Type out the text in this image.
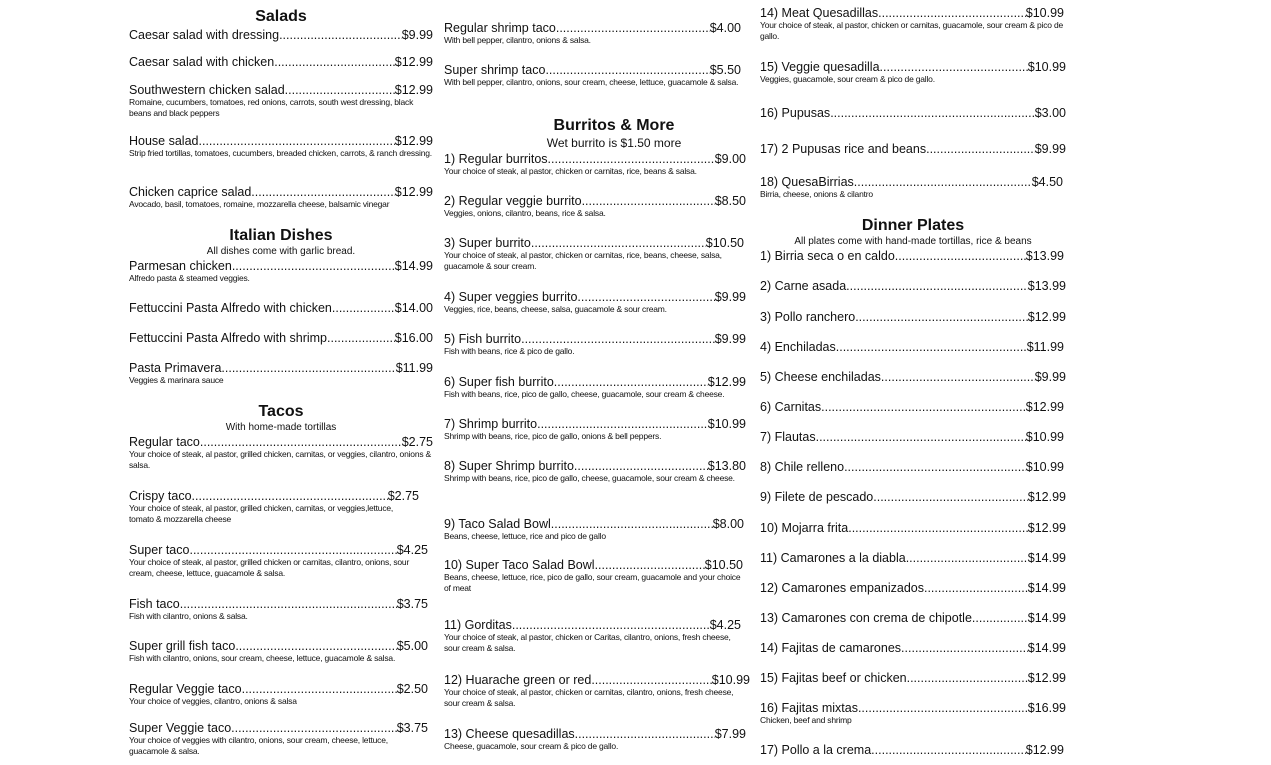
Salads
Caesar salad with dressing .....	$9.99
Caesar salad with chicken .....	$12.99
Southwestern chicken salad .....	$12.99
Romaine, cucumbers, tomatoes, red onions, carrots, south west dressing, black beans and black peppers
House salad .....	$12.99
Strip fried tortillas, tomatoes, cucumbers, breaded chicken, carrots, & ranch dressing.
Chicken caprice salad .....	$12.99
Avocado, basil, tomatoes, romaine, mozzarella cheese, balsamic vinegar
Italian Dishes
All dishes come with garlic bread.
Parmesan chicken .....	$14.99
Alfredo pasta & steamed veggies.
Fettuccini Pasta Alfredo with chicken .....	$14.00
Fettuccini Pasta Alfredo with shrimp .....	$16.00
Pasta Primavera .....	$11.99
Veggies & marinara sauce
Tacos
With home-made tortillas
Regular taco .....	$2.75
Your choice of steak, al pastor, grilled chicken, carnitas, or veggies, cilantro, onions & salsa.
Crispy taco .....	$2.75
Your choice of steak, al pastor, grilled chicken, carnitas, or veggies,lettuce, tomato & mozzarella cheese
Super taco .....	$4.25
Your choice of steak, al pastor, grilled chicken or carnitas, cilantro, onions, sour cream, cheese, lettuce, guacamole & salsa.
Fish taco .....	$3.75
Fish with cilantro, onions & salsa.
Super grill fish taco .....	$5.00
Fish with cilantro, onions, sour cream, cheese, lettuce, guacamole & salsa.
Regular Veggie taco .....	$2.50
Your choice of veggies, cilantro, onions & salsa
Super Veggie taco .....	$3.75
Your choice of veggies with cilantro, onions, sour cream, cheese, lettuce, guacamole & salsa.
Regular shrimp taco .....	$4.00
With bell pepper, cilantro, onions & salsa.
Super shrimp taco .....	$5.50
With bell pepper, cilantro, onions, sour cream, cheese, lettuce, guacamole & salsa.
Burritos & More
Wet burrito is $1.50 more
1) Regular burritos .....	$9.00
Your choice of steak, al pastor, chicken or carnitas, rice, beans & salsa.
2) Regular veggie burrito .....	$8.50
Veggies, onions, cilantro, beans, rice & salsa.
3) Super burrito .....	$10.50
Your choice of steak, al pastor, chicken or carnitas, rice, beans, cheese, salsa, guacamole & sour cream.
4) Super veggies burrito .....	$9.99
Veggies, rice, beans, cheese, salsa, guacamole & sour cream.
5) Fish burrito .....	$9.99
Fish with beans, rice & pico de gallo.
6) Super fish burrito .....	$12.99
Fish with beans, rice, pico de gallo, cheese, guacamole, sour cream & cheese.
7) Shrimp burrito .....	$10.99
Shrimp with beans, rice, pico de gallo, onions & bell peppers.
8) Super Shrimp burrito .....	$13.80
Shrimp with beans, rice, pico de gallo, cheese, guacamole, sour cream & cheese.
9) Taco Salad Bowl .....	$8.00
Beans, cheese, lettuce, rice and pico de gallo
10) Super Taco Salad Bowl .....	$10.50
Beans, cheese, lettuce, rice, pico de gallo, sour cream, guacamole and your choice of meat
11) Gorditas .....	$4.25
Your choice of steak, al pastor, chicken or Caritas, cilantro, onions, fresh cheese, sour cream & salsa.
12) Huarache green or red .....	$10.99
Your choice of steak, al pastor, chicken or carnitas, cilantro, onions, fresh cheese, sour cream & salsa.
13) Cheese quesadillas .....	$7.99
Cheese, guacamole, sour cream & pico de gallo.
14) Meat Quesadillas .....	$10.99
Your choice of steak, al pastor, chicken or carnitas, guacamole, sour cream & pico de gallo.
15) Veggie quesadilla .....	$10.99
Veggies, guacamole, sour cream & pico de gallo.
16) Pupusas .....	$3.00
17) 2 Pupusas rice and beans .....	$9.99
18) QuesaBirrias .....	$4.50
Birria, cheese, onions & cilantro
Dinner Plates
All plates come with hand-made tortillas, rice & beans
1) Birria seca o en caldo .....	$13.99
2) Carne asada .....	$13.99
3) Pollo ranchero .....	$12.99
4) Enchiladas .....	$11.99
5) Cheese enchiladas .....	$9.99
6) Carnitas .....	$12.99
7) Flautas .....	$10.99
8) Chile relleno .....	$10.99
9) Filete de pescado .....	$12.99
10) Mojarra frita .....	$12.99
11) Camarones a la diabla .....	$14.99
12) Camarones empanizados .....	$14.99
13) Camarones con crema de chipotle .....	$14.99
14) Fajitas de camarones .....	$14.99
15) Fajitas beef or chicken .....	$12.99
16) Fajitas mixtas .....	$16.99
Chicken, beef and shrimp
17) Pollo a la crema .....	$12.99
